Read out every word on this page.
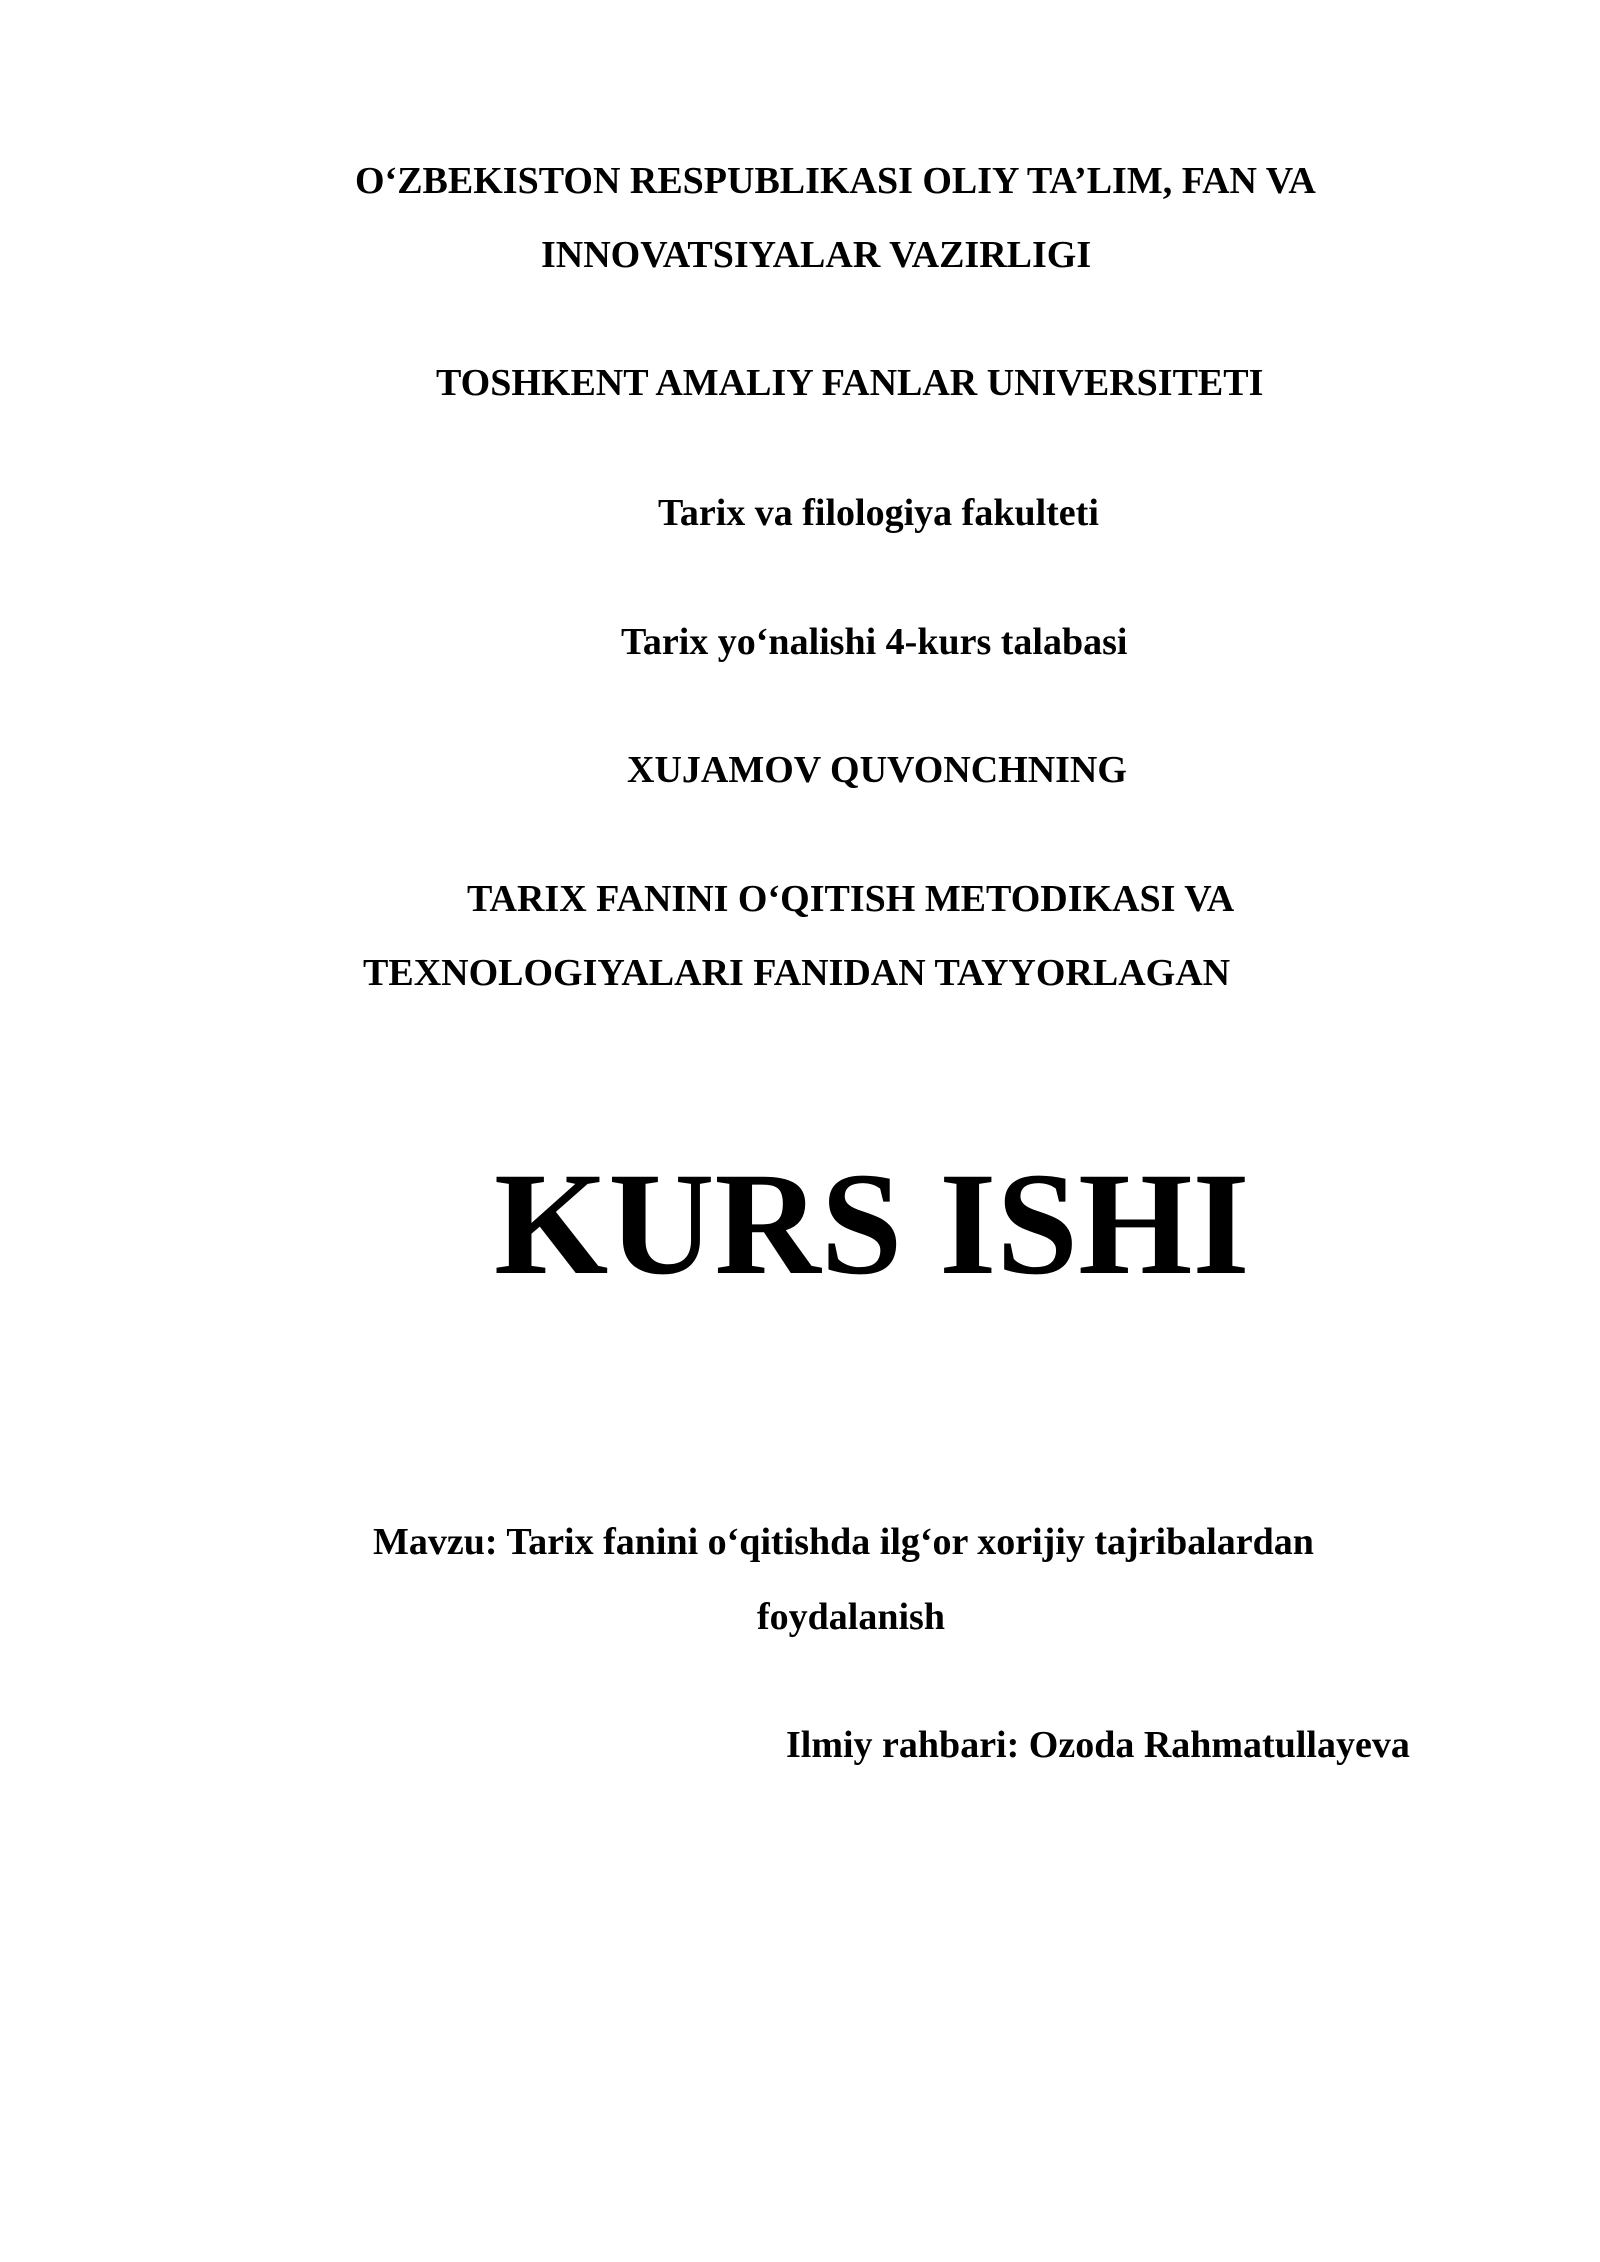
O‘ZBEKISTON RESPUBLIKASI OLIY TA’LIM, FAN VA

INNOVATSIYALAR VAZIRLIGI

TOSHKENT AMALIY FANLAR UNIVERSITETI

Tarix va filologiya fakulteti

Tarix yo‘nalishi 4-kurs talabasi

XUJAMOV QUVONCHNING

TARIX FANINI O‘QITISH METODIKASI VA

TEXNOLOGIYALARI FANIDAN TAYYORLAGAN

KURS ISHI

Mavzu: Tarix fanini o‘qitishda ilg‘or xorijiy tajribalardan

foydalanish

Ilmiy rahbari: Ozoda Rahmatullayeva
